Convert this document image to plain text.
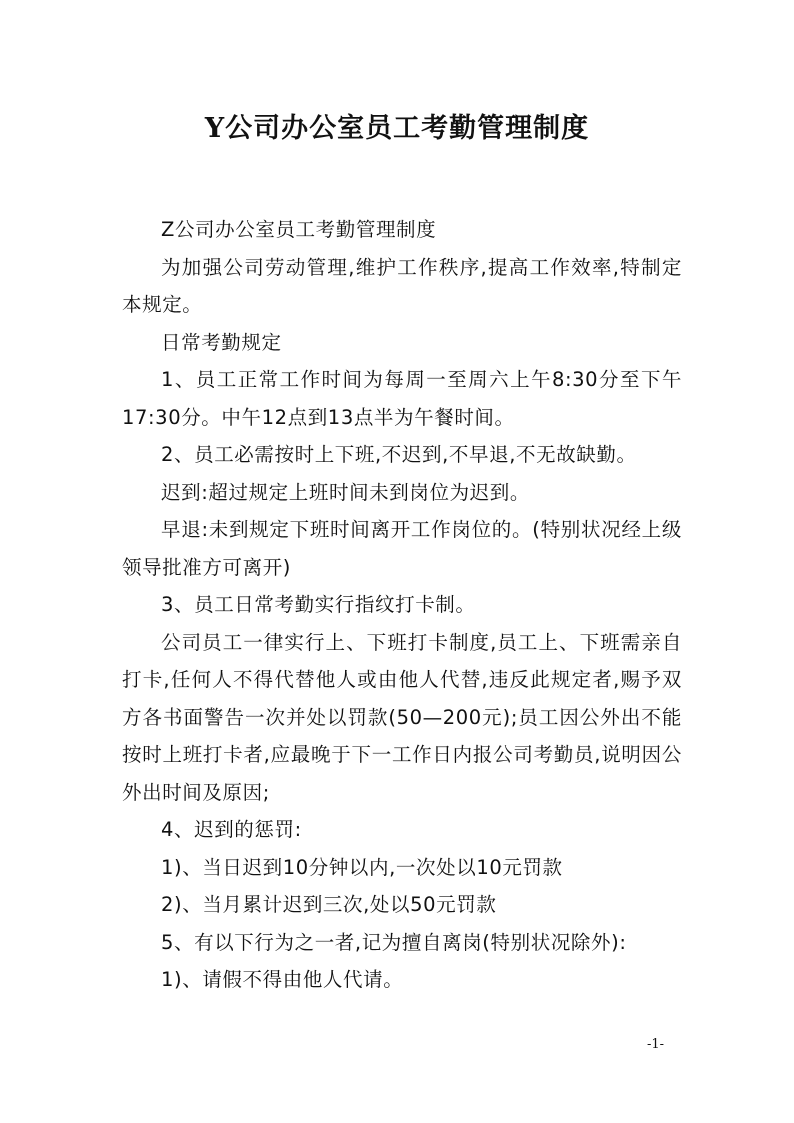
Y公司办公室员工考勤管理制度

Z公司办公室员工考勤管理制度

为加强公司劳动管理,维护工作秩序,提高工作效率,特制定本规定。

日常考勤规定

1、员工正常工作时间为每周一至周六上午8:30分至下午17:30分。中午12点到13点半为午餐时间。

2、员工必需按时上下班,不迟到,不早退,不无故缺勤。

迟到:超过规定上班时间未到岗位为迟到。

早退:未到规定下班时间离开工作岗位的。(特别状况经上级领导批准方可离开)

3、员工日常考勤实行指纹打卡制。

公司员工一律实行上、下班打卡制度,员工上、下班需亲自打卡,任何人不得代替他人或由他人代替,违反此规定者,赐予双方各书面警告一次并处以罚款(50—200元);员工因公外出不能按时上班打卡者,应最晚于下一工作日内报公司考勤员,说明因公外出时间及原因;

4、迟到的惩罚:

1)、当日迟到10分钟以内,一次处以10元罚款

2)、当月累计迟到三次,处以50元罚款

5、有以下行为之一者,记为擅自离岗(特别状况除外):

1)、请假不得由他人代请。

-1-
